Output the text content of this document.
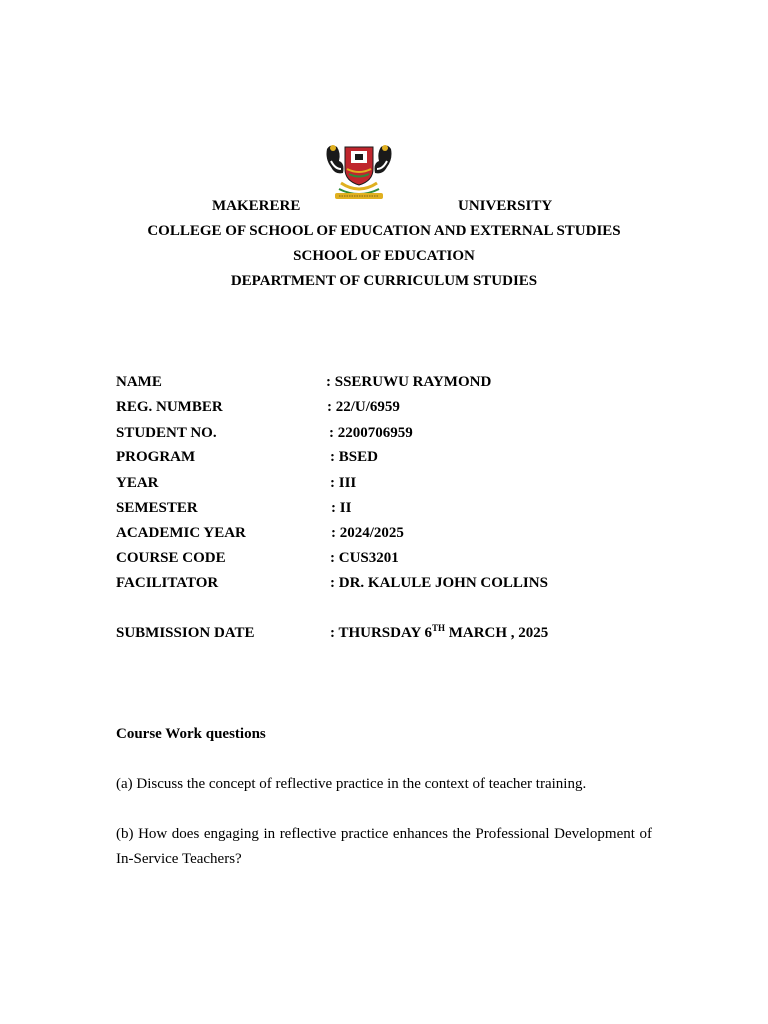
MAKERERE	UNIVERSITY
COLLEGE OF SCHOOL OF EDUCATION AND EXTERNAL STUDIES
SCHOOL OF EDUCATION
DEPARTMENT OF CURRICULUM STUDIES
NAME	: SSERUWU RAYMOND
REG. NUMBER	: 22/U/6959
STUDENT NO.	: 2200706959
PROGRAM	: BSED
YEAR	: III
SEMESTER	: II
ACADEMIC YEAR	: 2024/2025
COURSE CODE	: CUS3201
FACILITATOR	: DR. KALULE JOHN COLLINS
SUBMISSION DATE	: THURSDAY 6TH MARCH , 2025
Course Work questions
(a) Discuss the concept of reflective practice in the context of teacher training.
(b) How does engaging in reflective practice enhances the Professional Development of In-Service Teachers?
